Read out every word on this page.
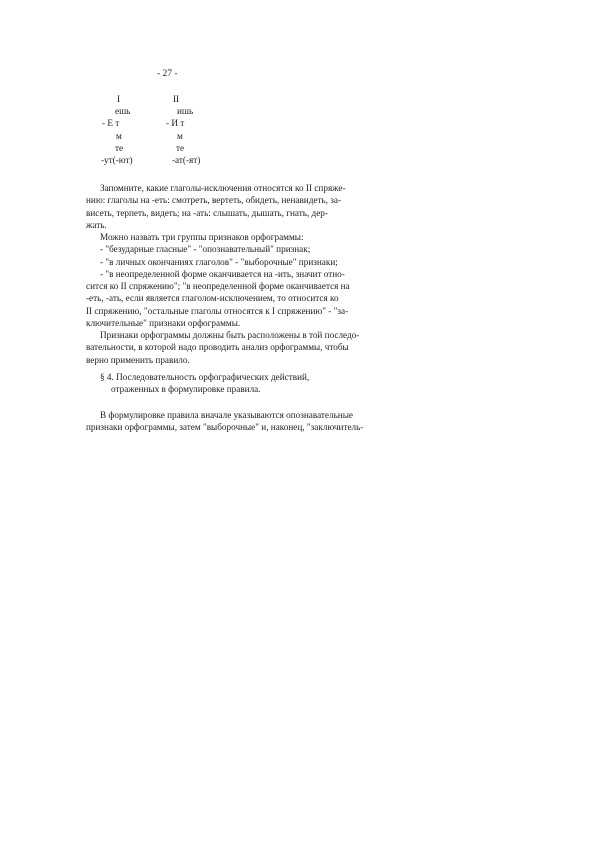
- 27 -
I
ешь
- Е т
м
те
-ут(-ют)
II
ишь
- И т
м
те
-ат(-ят)
Запомните, какие глаголы-исключения относятся ко II спряже-
нию: глаголы на -еть: смотреть, вертеть, обидеть, ненавидеть, за-
висеть, терпеть, видеть; на -ать: слышать, дышать, гнать, дер-
жать.
Можно назвать три группы признаков орфограммы:
- "безударные гласные" - "опознавательный" признак;
- "в личных окончаниях глаголов" - "выборочные" признаки;
- "в неопределенной форме оканчивается на -ить, значит отно-
сится ко II спряжению"; "в неопределенной форме оканчивается на
-еть, -ать, если является глаголом-исключением, то относится ко
II спряжению, "остальные глаголы относятся к I спряжению" - "за-
ключительные" признаки орфограммы.
Признаки орфограммы должны быть расположены в той последо-
вательности, в которой надо проводить анализ орфограммы, чтобы
верно применить правило.
§ 4. Последовательность орфографических действий,
отраженных в формулировке правила.
В формулировке правила вначале указываются опознавательные
признаки орфограммы, затем "выборочные" и, наконец, "заключитель-
